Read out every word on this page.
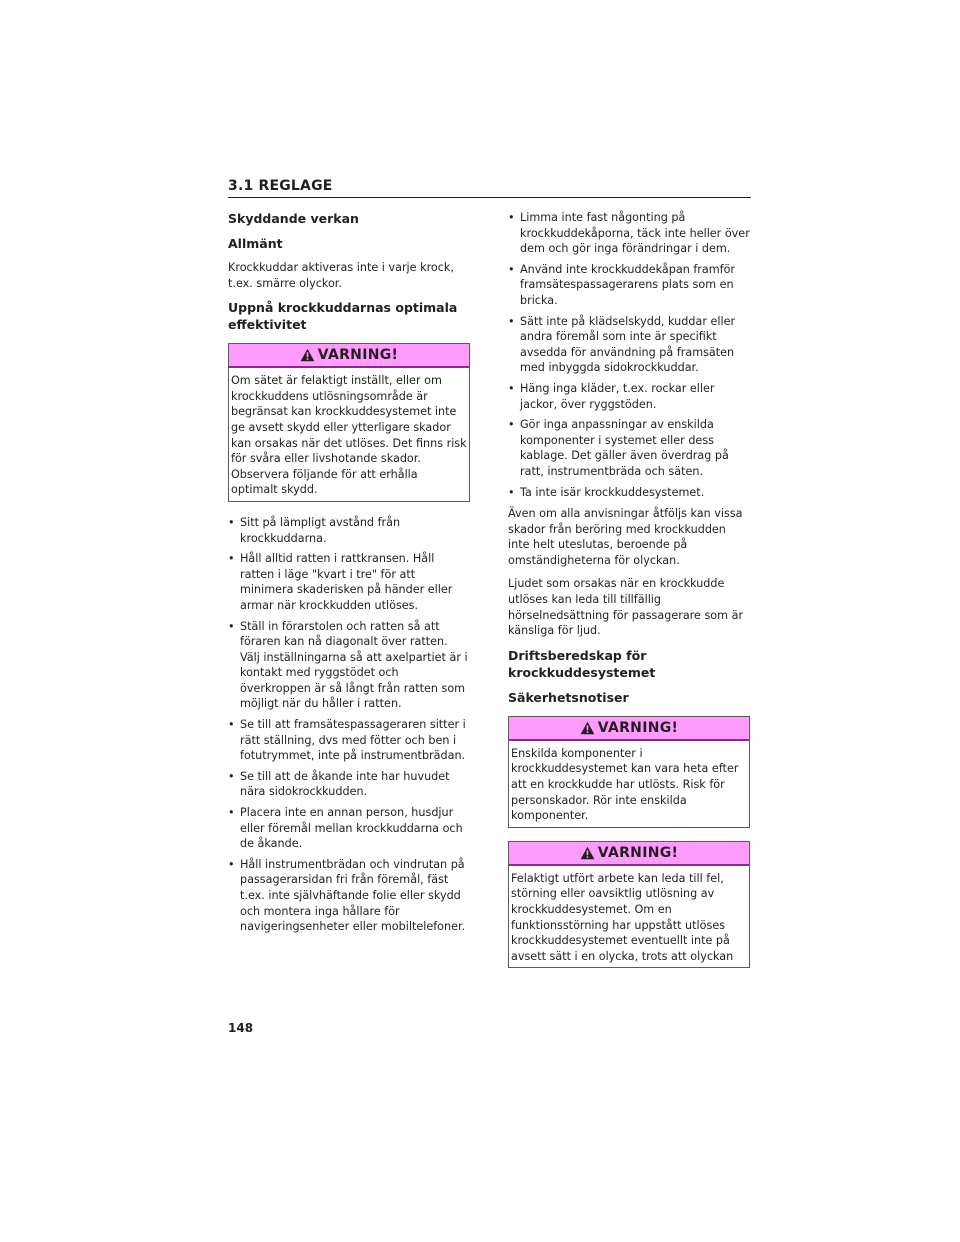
3.1 REGLAGE
Skyddande verkan
Allmänt
Krockkuddar aktiveras inte i varje krock, t.ex. smärre olyckor.
Uppnå krockkuddarnas optimala effektivitet
VARNING!
Om sätet är felaktigt inställt, eller om krockkuddens utlösningsområde är begränsat kan krockkuddesystemet inte ge avsett skydd eller ytterligare skador kan orsakas när det utlöses. Det finns risk för svåra eller livshotande skador. Observera följande för att erhålla optimalt skydd.
• Sitt på lämpligt avstånd från krockkuddarna.
• Håll alltid ratten i rattkransen. Håll ratten i läge "kvart i tre" för att minimera skaderisken på händer eller armar när krockkudden utlöses.
• Ställ in förarstolen och ratten så att föraren kan nå diagonalt över ratten. Välj inställningarna så att axelpartiet är i kontakt med ryggstödet och överkroppen är så långt från ratten som möjligt när du håller i ratten.
• Se till att framsätespassageraren sitter i rätt ställning, dvs med fötter och ben i fotutrymmet, inte på instrumentbrädan.
• Se till att de åkande inte har huvudet nära sidokrockkudden.
• Placera inte en annan person, husdjur eller föremål mellan krockkuddarna och de åkande.
• Håll instrumentbrädan och vindrutan på passagerarsidan fri från föremål, fäst t.ex. inte självhäftande folie eller skydd och montera inga hållare för navigeringsenheter eller mobiltelefoner.
• Limma inte fast någonting på krockkuddekåporna, täck inte heller över dem och gör inga förändringar i dem.
• Använd inte krockkuddekåpan framför framsätespassagerarens plats som en bricka.
• Sätt inte på klädselskydd, kuddar eller andra föremål som inte är specifikt avsedda för användning på framsäten med inbyggda sidokrockkuddar.
• Häng inga kläder, t.ex. rockar eller jackor, över ryggstöden.
• Gör inga anpassningar av enskilda komponenter i systemet eller dess kablage. Det gäller även överdrag på ratt, instrumentbräda och säten.
• Ta inte isär krockkuddesystemet.
Även om alla anvisningar åtföljs kan vissa skador från beröring med krockkudden inte helt uteslutas, beroende på omständigheterna för olyckan.
Ljudet som orsakas när en krockkudde utlöses kan leda till tillfällig hörselnedsättning för passagerare som är känsliga för ljud.
Driftsberedskap för krockkuddesystemet
Säkerhetsnotiser
VARNING!
Enskilda komponenter i krockkuddesystemet kan vara heta efter att en krockkudde har utlösts. Risk för personskador. Rör inte enskilda komponenter.
VARNING!
Felaktigt utfört arbete kan leda till fel, störning eller oavsiktlig utlösning av krockkuddesystemet. Om en funktionsstörning har uppstått utlöses krockkuddesystemet eventuellt inte på avsett sätt i en olycka, trots att olyckan
148
